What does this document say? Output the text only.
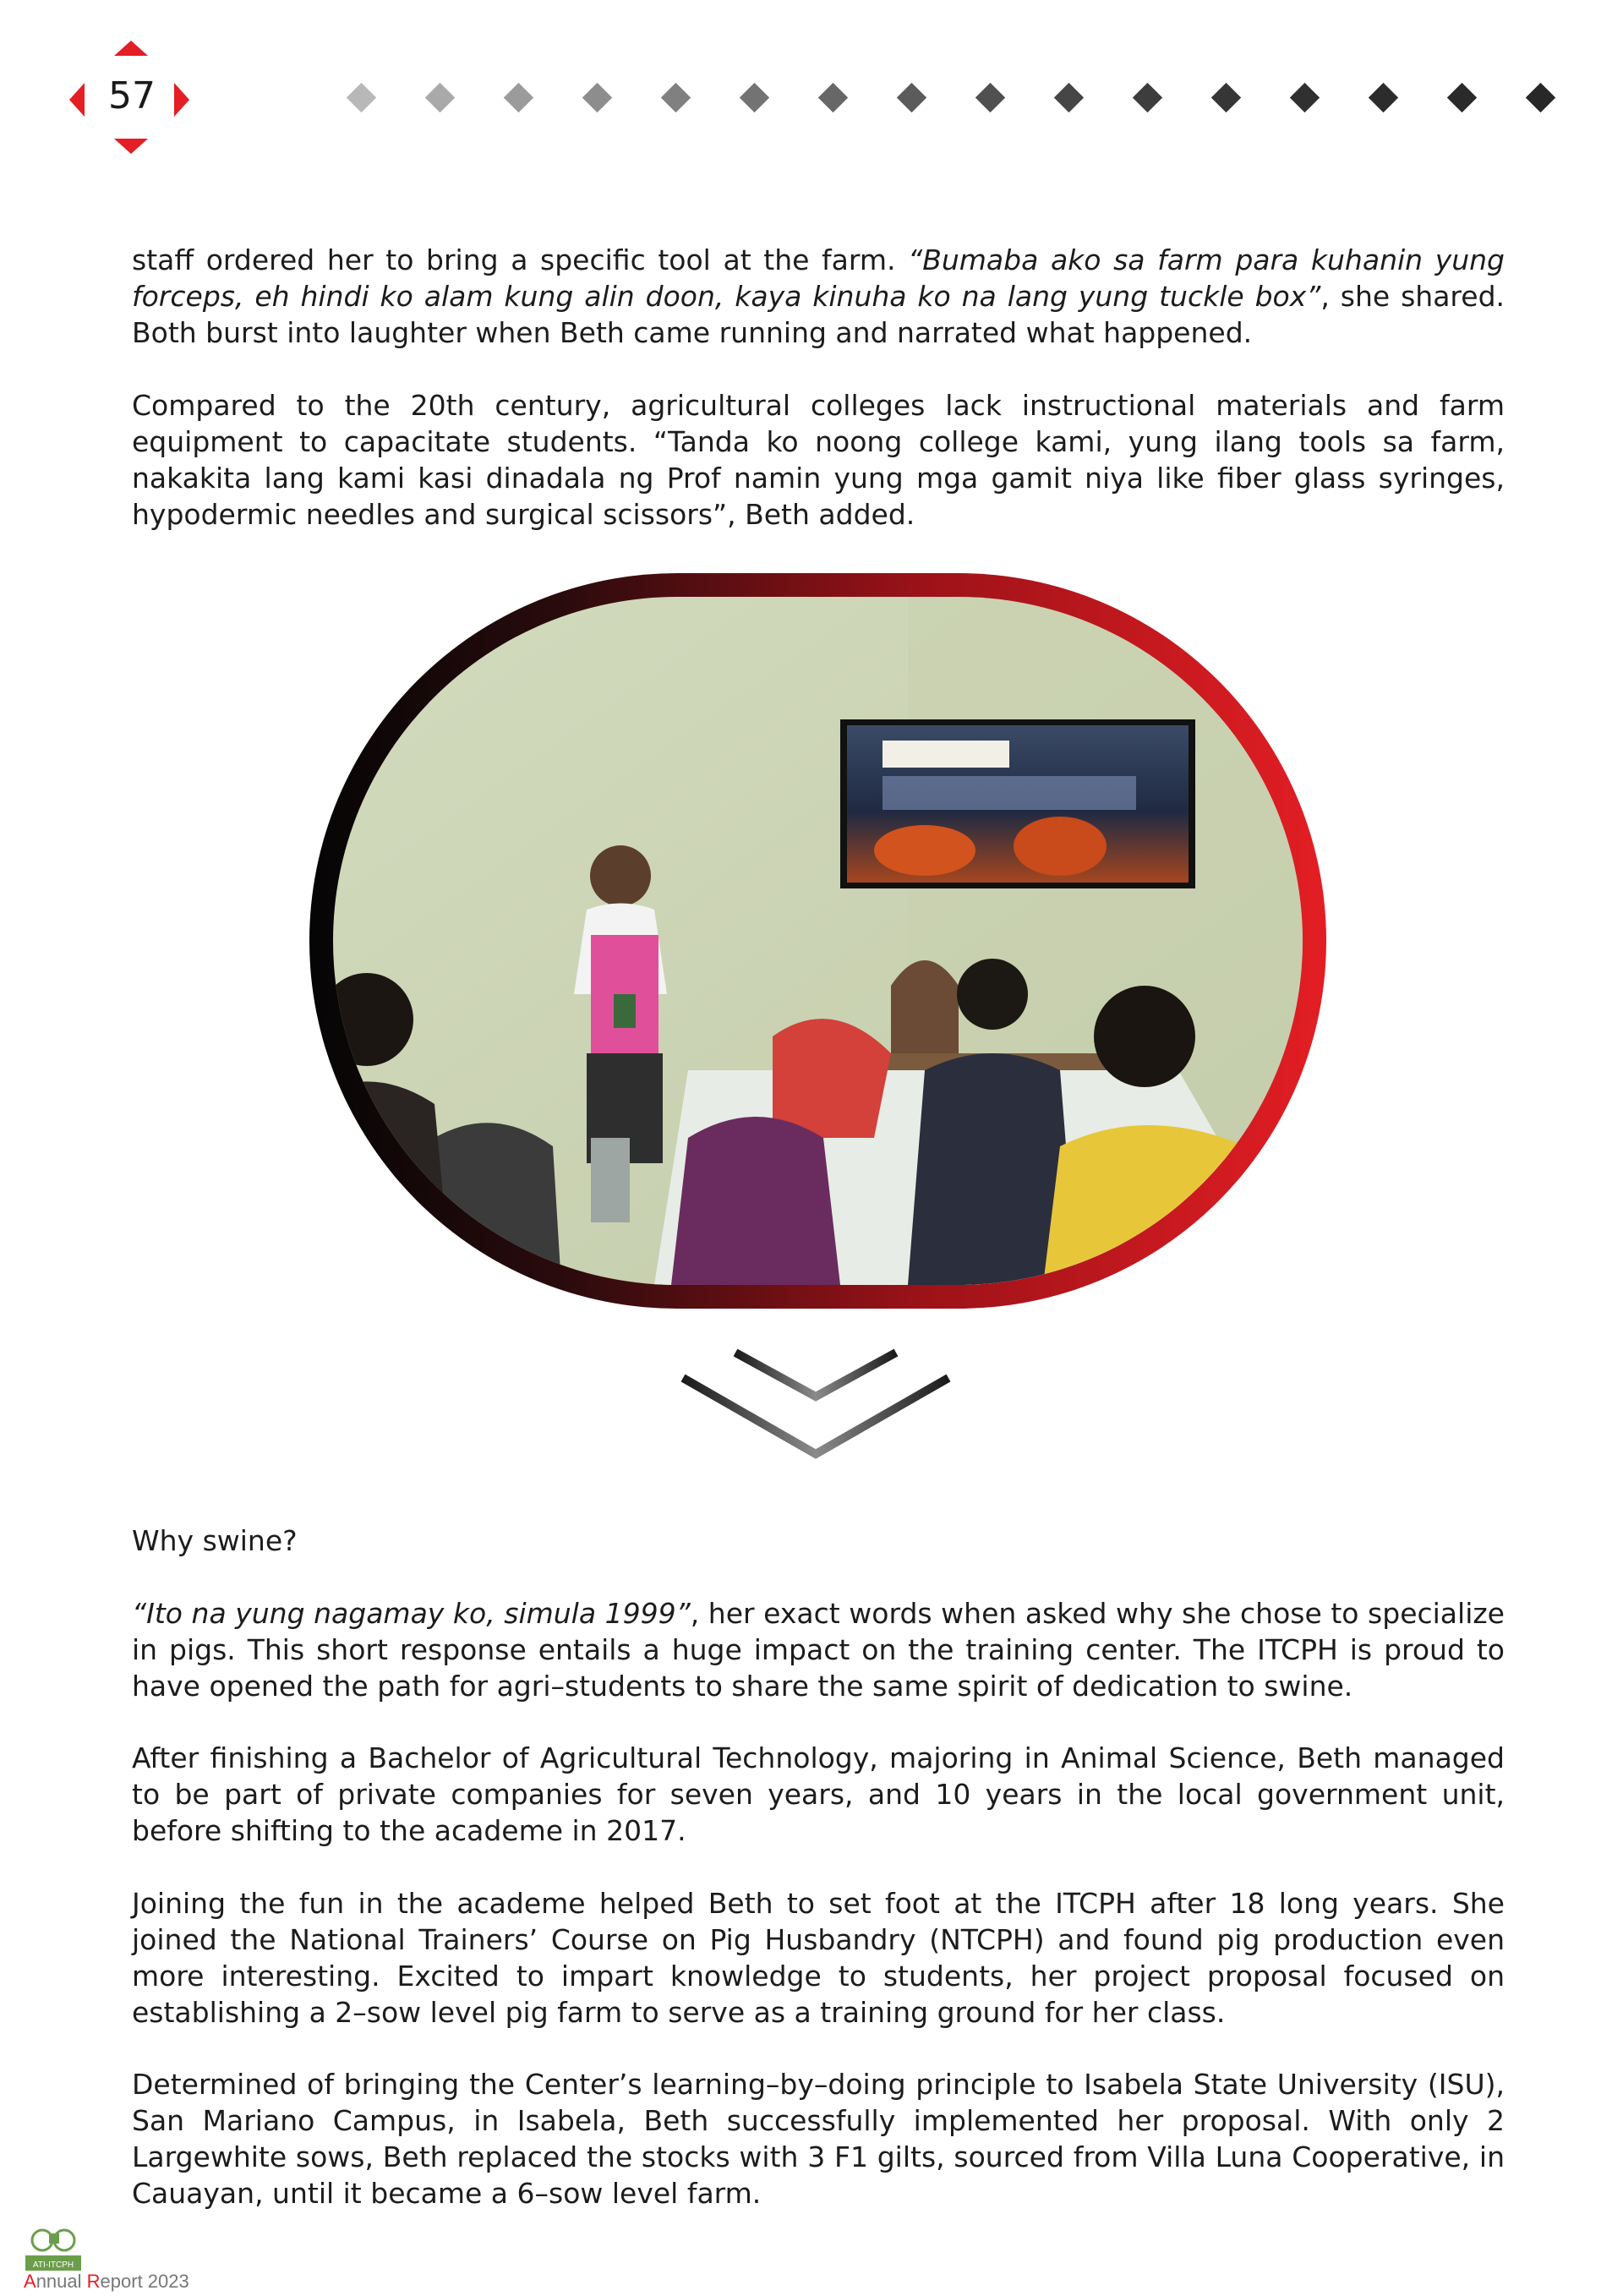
57

staff ordered her to bring a specific tool at the farm. “Bumaba ako sa farm para kuhanin yung forceps, eh hindi ko alam kung alin doon, kaya kinuha ko na lang yung tuckle box”, she shared. Both burst into laughter when Beth came running and narrated what happened.

Compared to the 20th century, agricultural colleges lack instructional materials and farm equipment to capacitate students. “Tanda ko noong college kami, yung ilang tools sa farm, nakakita lang kami kasi dinadala ng Prof namin yung mga gamit niya like fiber glass syringes, hypodermic needles and surgical scissors”, Beth added.

Why swine?

“Ito na yung nagamay ko, simula 1999”, her exact words when asked why she chose to specialize in pigs. This short response entails a huge impact on the training center. The ITCPH is proud to have opened the path for agri–students to share the same spirit of dedication to swine.

After finishing a Bachelor of Agricultural Technology, majoring in Animal Science, Beth managed to be part of private companies for seven years, and 10 years in the local government unit, before shifting to the academe in 2017.

Joining the fun in the academe helped Beth to set foot at the ITCPH after 18 long years. She joined the National Trainers’ Course on Pig Husbandry (NTCPH) and found pig production even more interesting. Excited to impart knowledge to students, her project proposal focused on establishing a 2–sow level pig farm to serve as a training ground for her class.

Determined of bringing the Center’s learning–by–doing principle to Isabela State University (ISU), San Mariano Campus, in Isabela, Beth successfully implemented her proposal. With only 2 Largewhite sows, Beth replaced the stocks with 3 F1 gilts, sourced from Villa Luna Cooperative, in Cauayan, until it became a 6–sow level farm.

ATI-ITCPH
Annual Report 2023
